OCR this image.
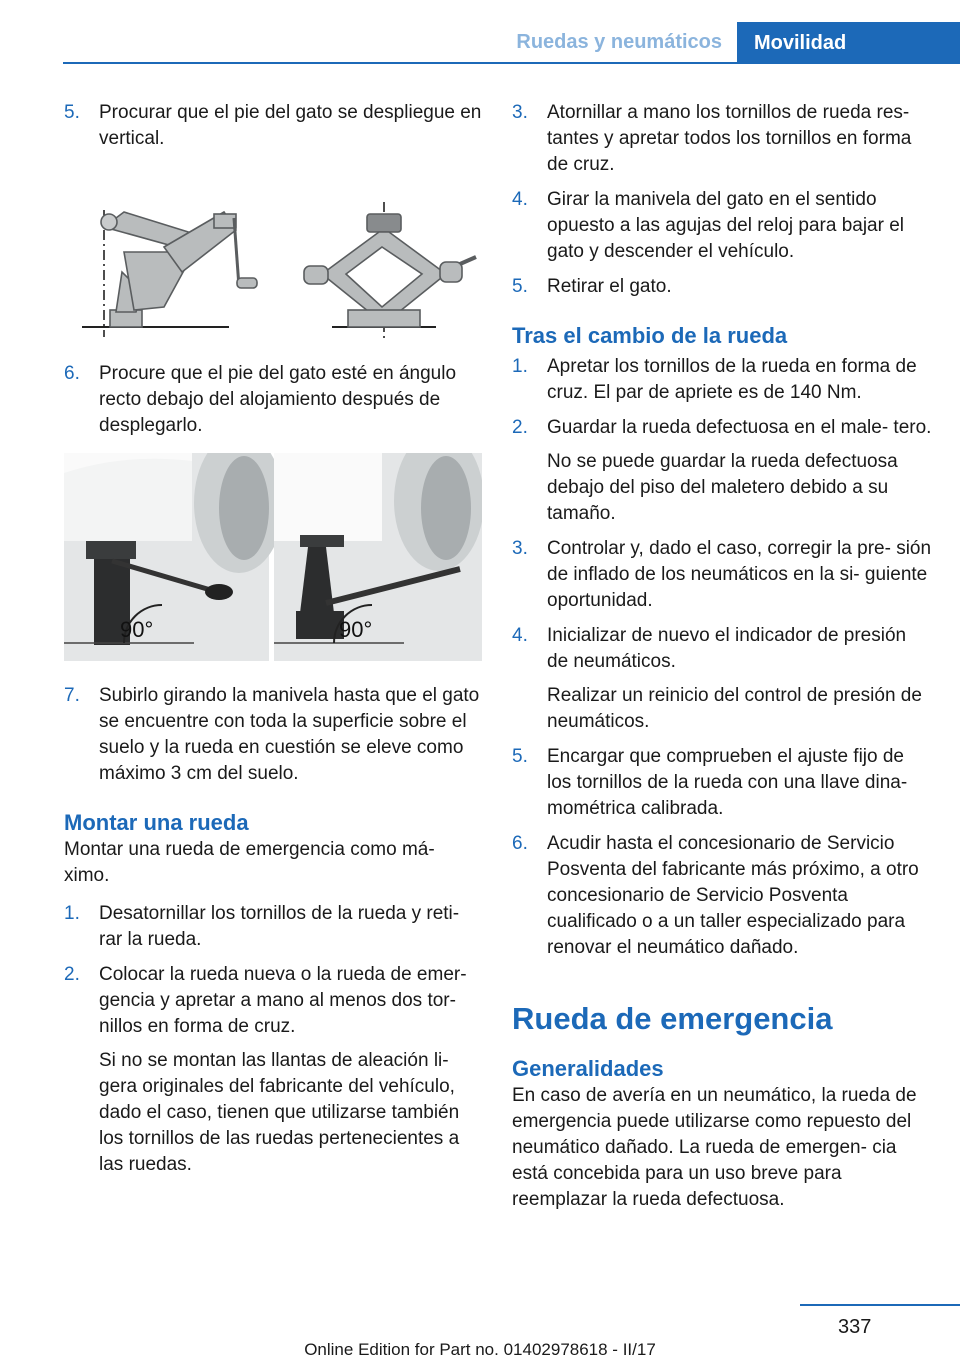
Ruedas y neumáticos	Movilidad
5.	Procurar que el pie del gato se despliegue en vertical.
6.	Procure que el pie del gato esté en ángulo recto debajo del alojamiento después de desplegarlo.
90°	90°
7.	Subirlo girando la manivela hasta que el gato se encuentre con toda la superficie sobre el suelo y la rueda en cuestión se eleve como máximo 3 cm del suelo.
Montar una rueda

Montar una rueda de emergencia como má‐ ximo.

1.	Desatornillar los tornillos de la rueda y reti‐ rar la rueda.
2.	Colocar la rueda nueva o la rueda de emer‐ gencia y apretar a mano al menos dos tor‐ nillos en forma de cruz.
Si no se montan las llantas de aleación li‐ gera originales del fabricante del vehículo, dado el caso, tienen que utilizarse también los tornillos de las ruedas pertenecientes a las ruedas.
3.	Atornillar a mano los tornillos de rueda res‐ tantes y apretar todos los tornillos en forma de cruz.
4.	Girar la manivela del gato en el sentido opuesto a las agujas del reloj para bajar el gato y descender el vehículo.
5.	Retirar el gato.
Tras el cambio de la rueda
1.	Apretar los tornillos de la rueda en forma de cruz. El par de apriete es de 140 Nm.
2.	Guardar la rueda defectuosa en el male‐ tero.
No se puede guardar la rueda defectuosa debajo del piso del maletero debido a su tamaño.
3.	Controlar y, dado el caso, corregir la pre‐ sión de inflado de los neumáticos en la si‐ guiente oportunidad.
4.	Inicializar de nuevo el indicador de presión de neumáticos.
Realizar un reinicio del control de presión de neumáticos.
5.	Encargar que comprueben el ajuste fijo de los tornillos de la rueda con una llave dina‐ mométrica calibrada.
6.	Acudir hasta el concesionario de Servicio Posventa del fabricante más próximo, a otro concesionario de Servicio Posventa cualificado o a un taller especializado para renovar el neumático dañado.
Rueda de emergencia
Generalidades

En caso de avería en un neumático, la rueda de emergencia puede utilizarse como repuesto del neumático dañado. La rueda de emergen‐ cia está concebida para un uso breve para reemplazar la rueda defectuosa.

337
Online Edition for Part no. 01402978618 - II/17
